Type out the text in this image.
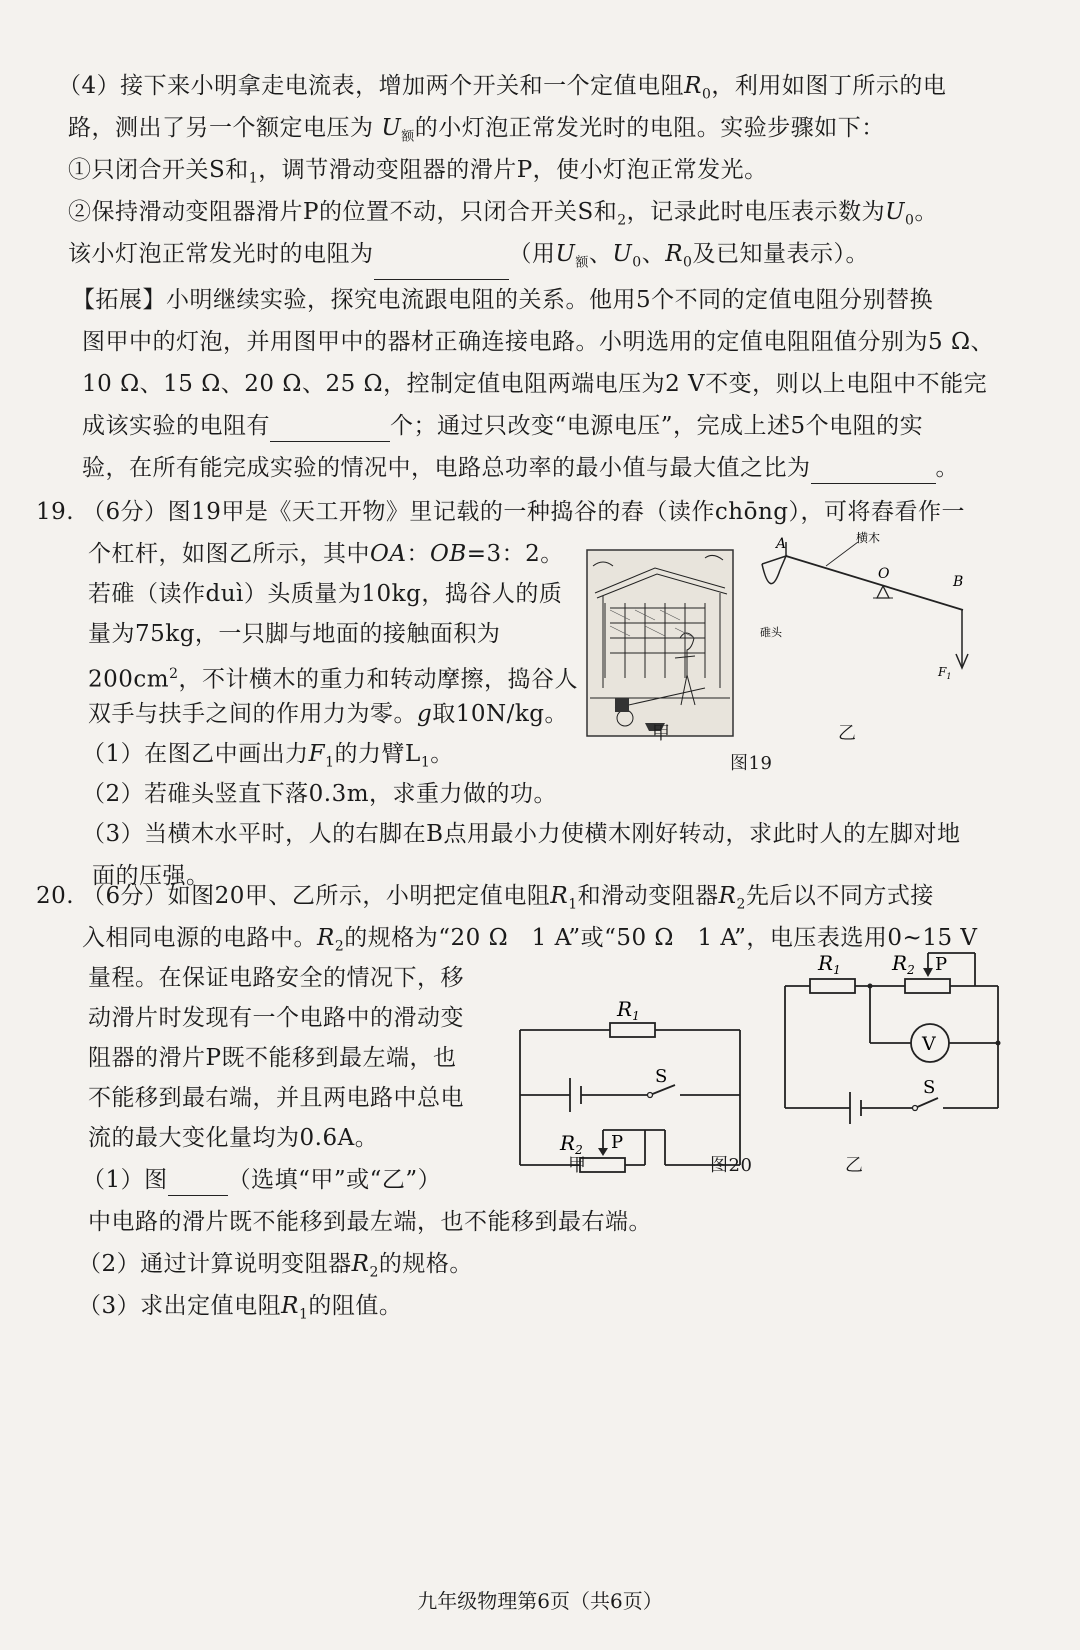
（4）接下来小明拿走电流表，增加两个开关和一个定值电阻$R_0$，利用如图丁所示的电
路，测出了另一个额定电压为 $U_额$的小灯泡正常发光时的电阻。实验步骤如下：
①只闭合开关S和$_1$，调节滑动变阻器的滑片P，使小灯泡正常发光。
②保持滑动变阻器滑片P的位置不动，只闭合开关S和$_2$，记录此时电压表示数为$U_0$。
该小灯泡正常发光时的电阻为	（用$U_额$、$U_0$、$R_0$及已知量表示）。
【拓展】小明继续实验，探究电流跟电阻的关系。他用5个不同的定值电阻分别替换
图甲中的灯泡，并用图甲中的器材正确连接电路。小明选用的定值电阻阻值分别为5 Ω、
10 Ω、15 Ω、20 Ω、25 Ω，控制定值电阻两端电压为2 V不变，则以上电阻中不能完
成该实验的电阻有	个；通过只改变“电源电压”，完成上述5个电阻的实
验，在所有能完成实验的情况中，电路总功率的最小值与最大值之比为	。
19. （6分）图19甲是《天工开物》里记载的一种捣谷的舂（读作chōng），可将舂看作一
个杠杆，如图乙所示，其中OA：OB=3：2。
若碓（读作duì）头质量为10kg，捣谷人的质
量为75kg，一只脚与地面的接触面积为
$200cm^2$，不计横木的重力和转动摩擦，捣谷人
双手与扶手之间的作用力为零。g取10N/kg。
（1）在图乙中画出力$F_1$的力臂$L_1$。
（2）若碓头竖直下落0.3m，求重力做的功。
（3）当横木水平时，人的右脚在B点用最小力使横木刚好转动，求此时人的左脚对地
面的压强。
甲
A	横木
O	B
碓头
$F_1$
乙
图19
20. （6分）如图20甲、乙所示，小明把定值电阻$R_1$和滑动变阻器$R_2$先后以不同方式接
入相同电源的电路中。$R_2$的规格为“20 Ω　1 A”或“50 Ω　1 A”，电压表选用0~15 V
量程。在保证电路安全的情况下，移
动滑片时发现有一个电路中的滑动变
阻器的滑片P既不能移到最左端，也
不能移到最右端，并且两电路中总电
流的最大变化量均为0.6A。
（1）图	（选填“甲”或“乙”）
中电路的滑片既不能移到最左端，也不能移到最右端。
（2）通过计算说明变阻器$R_2$的规格。
（3）求出定值电阻$R_1$的阻值。
$R_1$
S
$R_2$ P
甲	图20
$R_1$	$R_2$ P
V
S
乙
九年级物理第6页（共6页）
